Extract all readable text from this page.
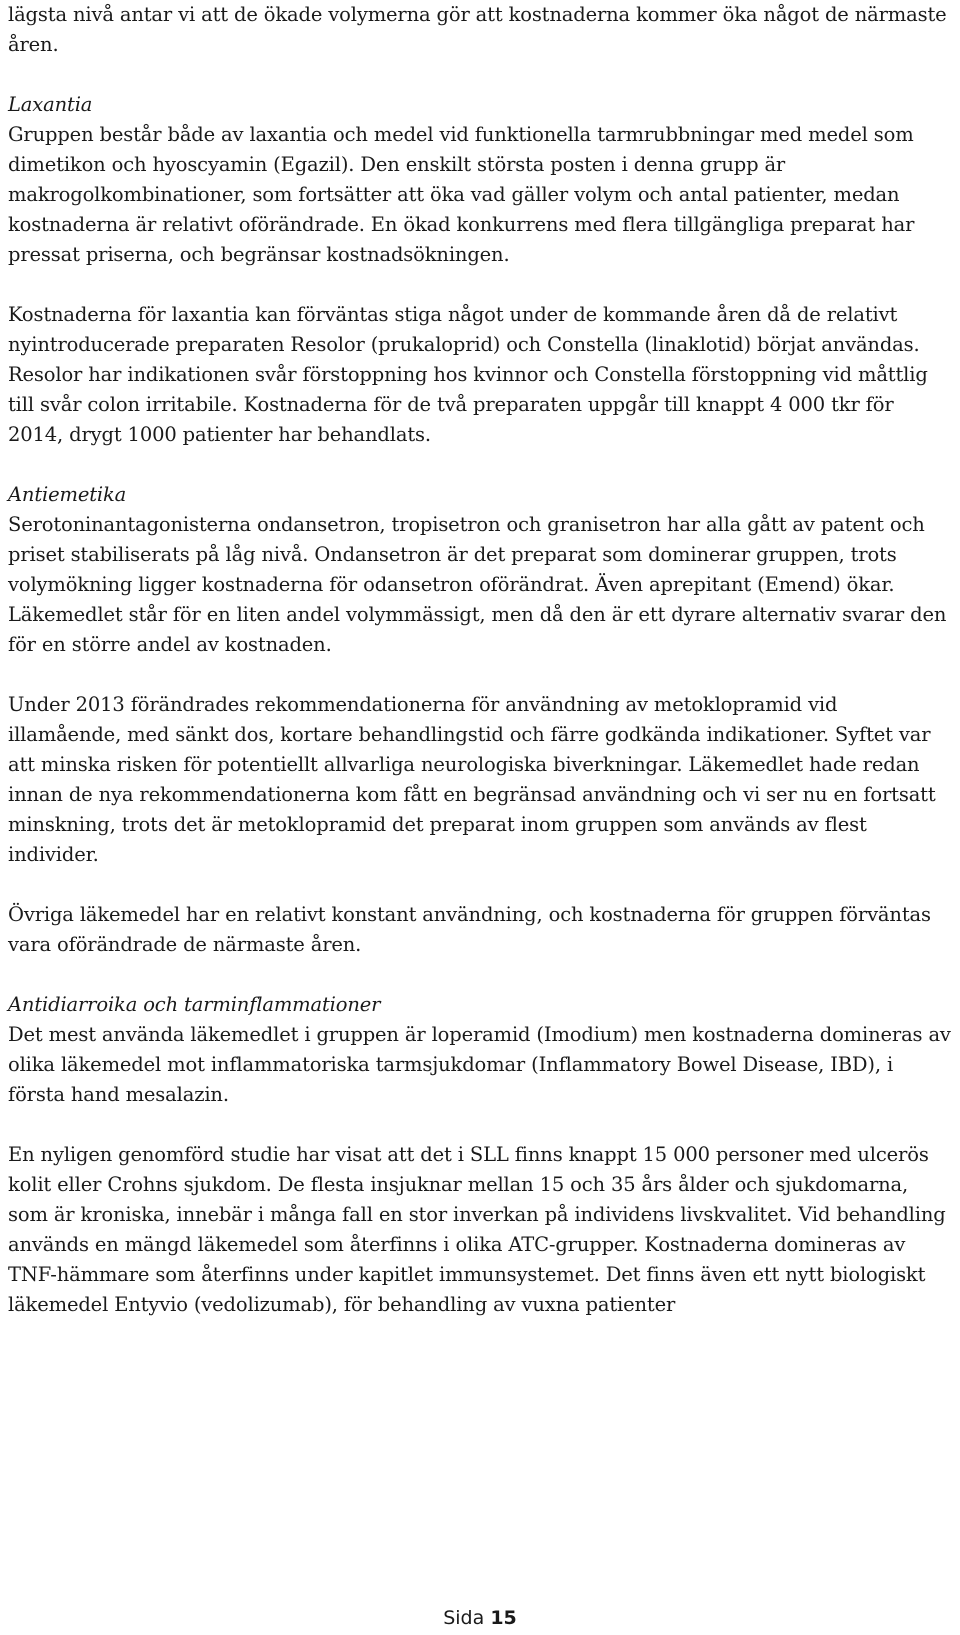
lägsta nivå antar vi att de ökade volymerna gör att kostnaderna kommer öka något de närmaste åren.

Laxantia

Gruppen består både av laxantia och medel vid funktionella tarmrubbningar med medel som dimetikon och hyoscyamin (Egazil). Den enskilt största posten i denna grupp är makrogolkombinationer, som fortsätter att öka vad gäller volym och antal patienter, medan kostnaderna är relativt oförändrade. En ökad konkurrens med flera tillgängliga preparat har pressat priserna, och begränsar kostnadsökningen.

Kostnaderna för laxantia kan förväntas stiga något under de kommande åren då de relativt nyintroducerade preparaten Resolor (prukaloprid) och Constella (linaklotid) börjat användas. Resolor har indikationen svår förstoppning hos kvinnor och Constella förstoppning vid måttlig till svår colon irritabile. Kostnaderna för de två preparaten uppgår till knappt 4 000 tkr för 2014, drygt 1000 patienter har behandlats.

Antiemetika

Serotoninantagonisterna ondansetron, tropisetron och granisetron har alla gått av patent och priset stabiliserats på låg nivå. Ondansetron är det preparat som dominerar gruppen, trots volymökning ligger kostnaderna för odansetron oförändrat. Även aprepitant (Emend) ökar. Läkemedlet står för en liten andel volymmässigt, men då den är ett dyrare alternativ svarar den för en större andel av kostnaden.

Under 2013 förändrades rekommendationerna för användning av metoklopramid vid illamående, med sänkt dos, kortare behandlingstid och färre godkända indikationer. Syftet var att minska risken för potentiellt allvarliga neurologiska biverkningar. Läkemedlet hade redan innan de nya rekommendationerna kom fått en begränsad användning och vi ser nu en fortsatt minskning, trots det är metoklopramid det preparat inom gruppen som används av flest individer.

Övriga läkemedel har en relativt konstant användning, och kostnaderna för gruppen förväntas vara oförändrade de närmaste åren.

Antidiarroika och tarminflammationer

Det mest använda läkemedlet i gruppen är loperamid (Imodium) men kostnaderna domineras av olika läkemedel mot inflammatoriska tarmsjukdomar (Inflammatory Bowel Disease, IBD), i första hand mesalazin.

En nyligen genomförd studie har visat att det i SLL finns knappt 15 000 personer med ulcerös kolit eller Crohns sjukdom. De flesta insjuknar mellan 15 och 35 års ålder och sjukdomarna, som är kroniska, innebär i många fall en stor inverkan på individens livskvalitet. Vid behandling används en mängd läkemedel som återfinns i olika ATC-grupper. Kostnaderna domineras av TNF-hämmare som återfinns under kapitlet immunsystemet. Det finns även ett nytt biologiskt läkemedel Entyvio (vedolizumab), för behandling av vuxna patienter

Sida 15
